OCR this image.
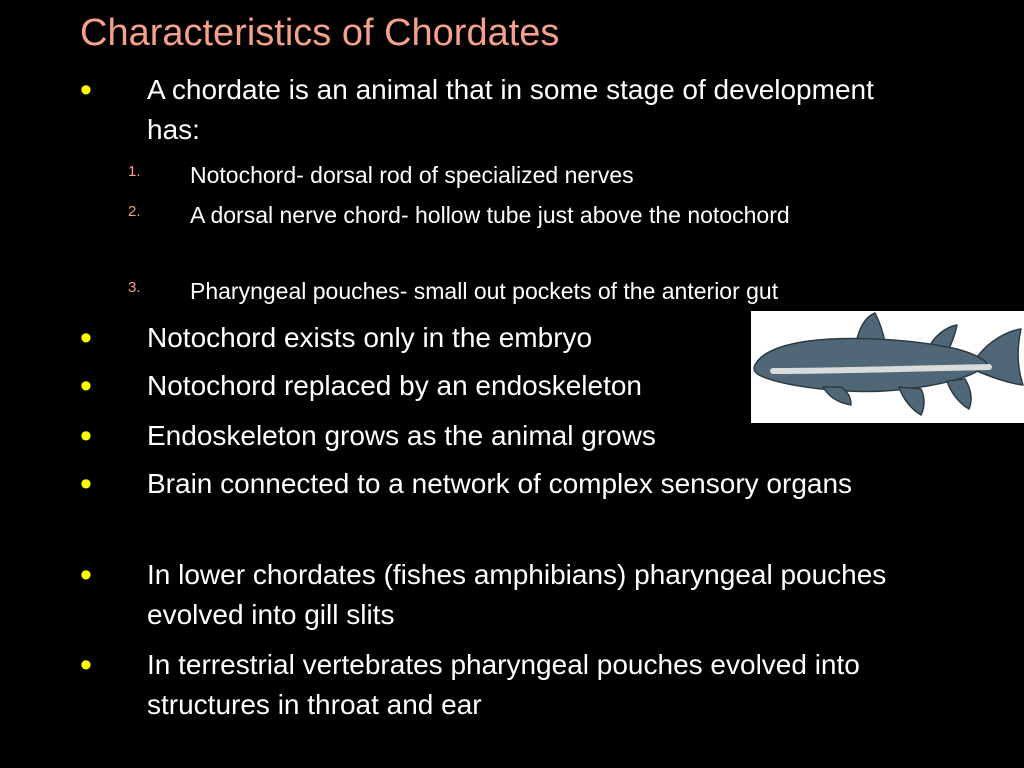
Characteristics of Chordates
• A chordate is an animal that in some stage of development has:
1. Notochord- dorsal rod of specialized nerves
2. A dorsal nerve chord- hollow tube just above the notochord
3. Pharyngeal pouches- small out pockets of the anterior gut
• Notochord exists only in the embryo
• Notochord replaced by an endoskeleton
• Endoskeleton grows as the animal grows
• Brain connected to a network of complex sensory organs
• In lower chordates (fishes amphibians) pharyngeal pouches evolved into gill slits
• In terrestrial vertebrates pharyngeal pouches evolved into structures in throat and ear
